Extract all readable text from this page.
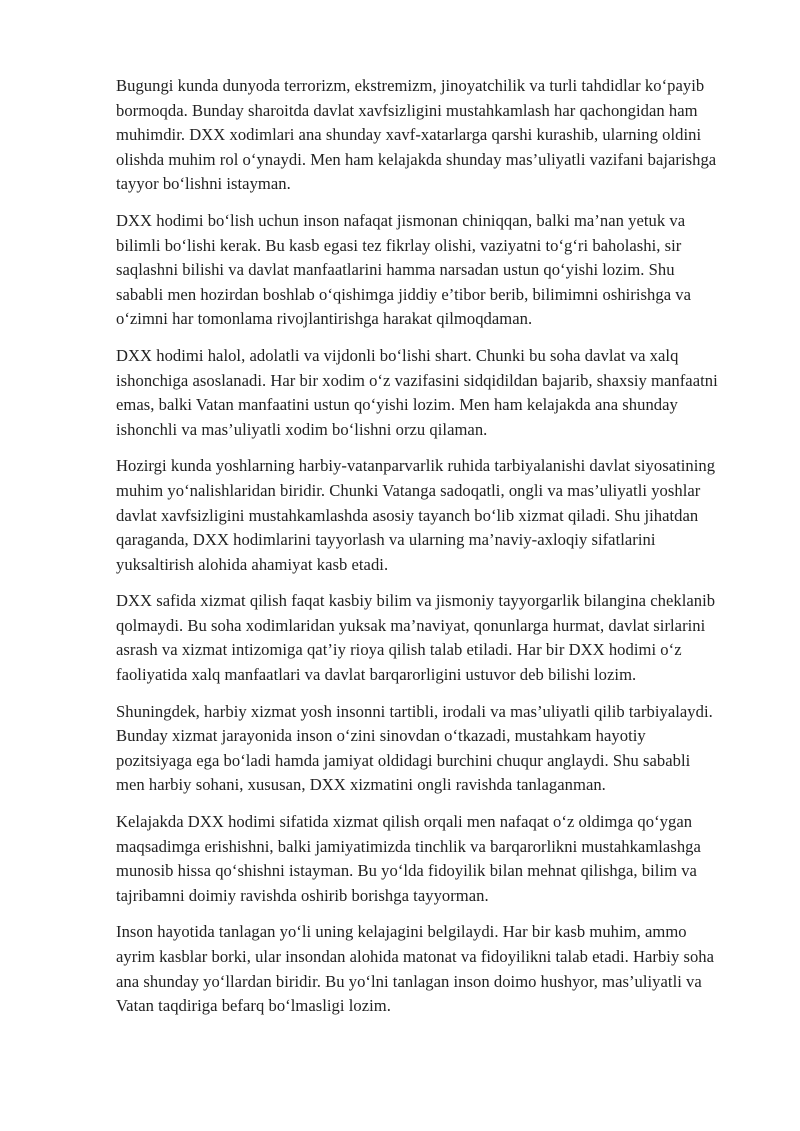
Bugungi kunda dunyoda terrorizm, ekstremizm, jinoyatchilik va turli tahdidlar ko‘payib bormoqda. Bunday sharoitda davlat xavfsizligini mustahkamlash har qachongidan ham muhimdir. DXX xodimlari ana shunday xavf-xatarlarga qarshi kurashib, ularning oldini olishda muhim rol o‘ynaydi. Men ham kelajakda shunday mas’uliyatli vazifani bajarishga tayyor bo‘lishni istayman.

DXX hodimi bo‘lish uchun inson nafaqat jismonan chiniqqan, balki ma’nan yetuk va bilimli bo‘lishi kerak. Bu kasb egasi tez fikrlay olishi, vaziyatni to‘g‘ri baholashi, sir saqlashni bilishi va davlat manfaatlarini hamma narsadan ustun qo‘yishi lozim. Shu sababli men hozirdan boshlab o‘qishimga jiddiy e’tibor berib, bilimimni oshirishga va o‘zimni har tomonlama rivojlantirishga harakat qilmoqdaman.

DXX hodimi halol, adolatli va vijdonli bo‘lishi shart. Chunki bu soha davlat va xalq ishonchiga asoslanadi. Har bir xodim o‘z vazifasini sidqidildan bajarib, shaxsiy manfaatni emas, balki Vatan manfaatini ustun qo‘yishi lozim. Men ham kelajakda ana shunday ishonchli va mas’uliyatli xodim bo‘lishni orzu qilaman.

Hozirgi kunda yoshlarning harbiy-vatanparvarlik ruhida tarbiyalanishi davlat siyosatining muhim yo‘nalishlaridan biridir. Chunki Vatanga sadoqatli, ongli va mas’uliyatli yoshlar davlat xavfsizligini mustahkamlashda asosiy tayanch bo‘lib xizmat qiladi. Shu jihatdan qaraganda, DXX hodimlarini tayyorlash va ularning ma’naviy-axloqiy sifatlarini yuksaltirish alohida ahamiyat kasb etadi.

DXX safida xizmat qilish faqat kasbiy bilim va jismoniy tayyorgarlik bilangina cheklanib qolmaydi. Bu soha xodimlaridan yuksak ma’naviyat, qonunlarga hurmat, davlat sirlarini asrash va xizmat intizomiga qat’iy rioya qilish talab etiladi. Har bir DXX hodimi o‘z faoliyatida xalq manfaatlari va davlat barqarorligini ustuvor deb bilishi lozim.

Shuningdek, harbiy xizmat yosh insonni tartibli, irodali va mas’uliyatli qilib tarbiyalaydi. Bunday xizmat jarayonida inson o‘zini sinovdan o‘tkazadi, mustahkam hayotiy pozitsiyaga ega bo‘ladi hamda jamiyat oldidagi burchini chuqur anglaydi. Shu sababli men harbiy sohani, xususan, DXX xizmatini ongli ravishda tanlaganman.

Kelajakda DXX hodimi sifatida xizmat qilish orqali men nafaqat o‘z oldimga qo‘ygan maqsadimga erishishni, balki jamiyatimizda tinchlik va barqarorlikni mustahkamlashga munosib hissa qo‘shishni istayman. Bu yo‘lda fidoyilik bilan mehnat qilishga, bilim va tajribamni doimiy ravishda oshirib borishga tayyorman.

Inson hayotida tanlagan yo‘li uning kelajagini belgilaydi. Har bir kasb muhim, ammo ayrim kasblar borki, ular insondan alohida matonat va fidoyilikni talab etadi. Harbiy soha ana shunday yo‘llardan biridir. Bu yo‘lni tanlagan inson doimo hushyor, mas’uliyatli va Vatan taqdiriga befarq bo‘lmasligi lozim.
